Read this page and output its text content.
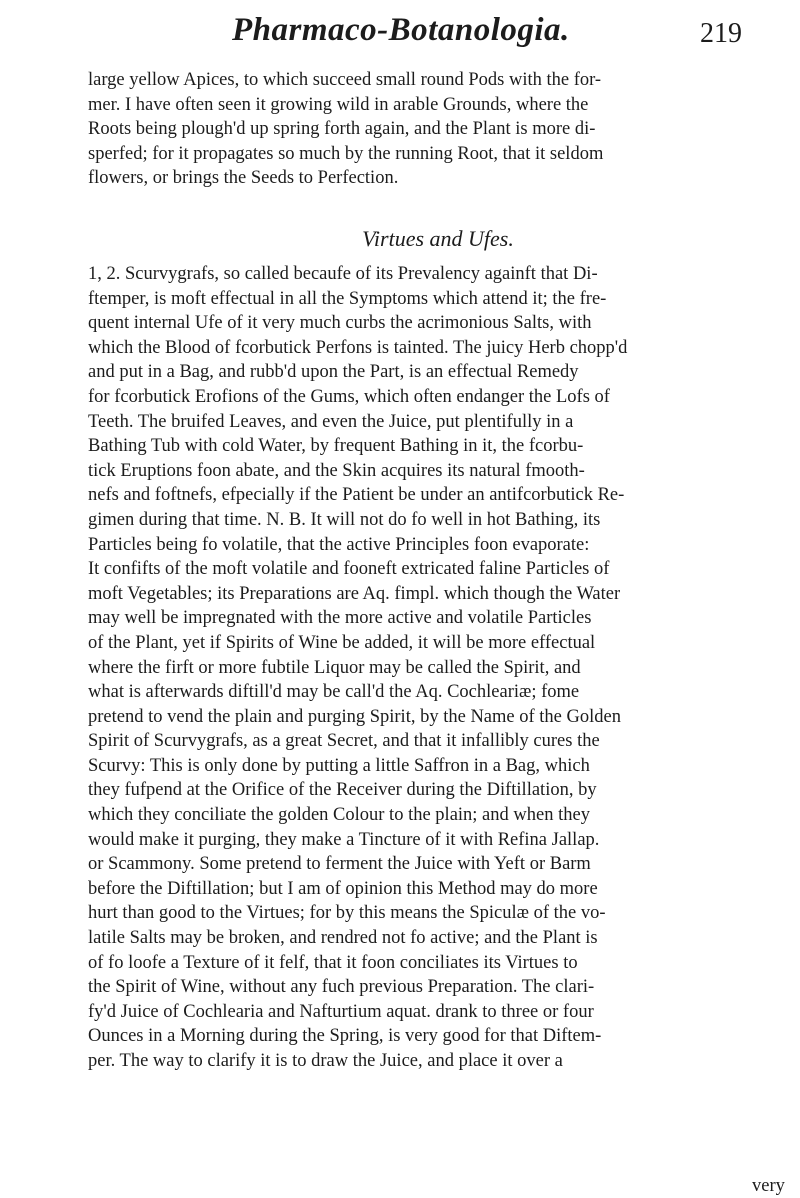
Pharmaco-Botanologia.	219
large yellow Apices, to which succeed small round Pods with the for-
mer. I have often seen it growing wild in arable Grounds, where the
Roots being plough'd up spring forth again, and the Plant is more di-
sperfed; for it propagates so much by the running Root, that it seldom
flowers, or brings the Seeds to Perfection.
Virtues and Ufes.
1, 2. Scurvygrafs, so called becaufe of its Prevalency againft that Di-
ftemper, is moft effectual in all the Symptoms which attend it; the fre-
quent internal Ufe of it very much curbs the acrimonious Salts, with
which the Blood of fcorbutick Perfons is tainted. The juicy Herb chopp'd
and put in a Bag, and rubb'd upon the Part, is an effectual Remedy
for fcorbutick Erofions of the Gums, which often endanger the Lofs of
Teeth. The bruifed Leaves, and even the Juice, put plentifully in a
Bathing Tub with cold Water, by frequent Bathing in it, the fcorbu-
tick Eruptions foon abate, and the Skin acquires its natural fmooth-
nefs and foftnefs, efpecially if the Patient be under an antifcorbutick Re-
gimen during that time. N. B. It will not do fo well in hot Bathing, its
Particles being fo volatile, that the active Principles foon evaporate:
It confifts of the moft volatile and fooneft extricated faline Particles of
moft Vegetables; its Preparations are Aq. fimpl. which though the Water
may well be impregnated with the more active and volatile Particles
of the Plant, yet if Spirits of Wine be added, it will be more effectual
where the firft or more fubtile Liquor may be called the Spirit, and
what is afterwards diftill'd may be call'd the Aq. Cochleariæ; fome
pretend to vend the plain and purging Spirit, by the Name of the Golden
Spirit of Scurvygrafs, as a great Secret, and that it infallibly cures the
Scurvy: This is only done by putting a little Saffron in a Bag, which
they fufpend at the Orifice of the Receiver during the Diftillation, by
which they conciliate the golden Colour to the plain; and when they
would make it purging, they make a Tincture of it with Refina Jallap.
or Scammony. Some pretend to ferment the Juice with Yeft or Barm
before the Diftillation; but I am of opinion this Method may do more
hurt than good to the Virtues; for by this means the Spiculæ of the vo-
latile Salts may be broken, and rendred not fo active; and the Plant is
of fo loofe a Texture of it felf, that it foon conciliates its Virtues to
the Spirit of Wine, without any fuch previous Preparation. The clari-
fy'd Juice of Cochlearia and Nafturtium aquat. drank to three or four
Ounces in a Morning during the Spring, is very good for that Diftem-
per. The way to clarify it is to draw the Juice, and place it over a
very
